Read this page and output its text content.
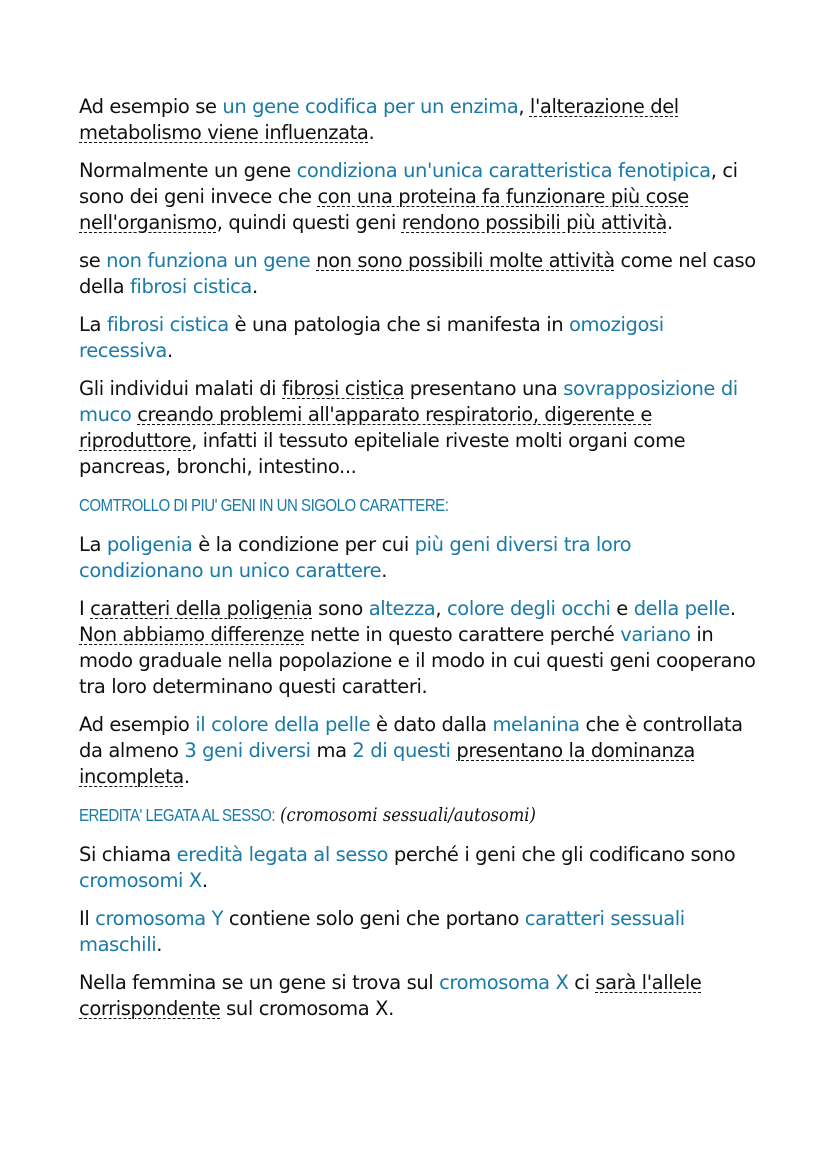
Ad esempio se un gene codifica per un enzima, l'alterazione del metabolismo viene influenzata.

Normalmente un gene condiziona un'unica caratteristica fenotipica, ci sono dei geni invece che con una proteina fa funzionare più cose nell'organismo, quindi questi geni rendono possibili più attività.

se non funziona un gene non sono possibili molte attività come nel caso della fibrosi cistica.

La fibrosi cistica è una patologia che si manifesta in omozigosi recessiva.

Gli individui malati di fibrosi cistica presentano una sovrapposizione di muco creando problemi all'apparato respiratorio, digerente e riproduttore, infatti il tessuto epiteliale riveste molti organi come pancreas, bronchi, intestino...

COMTROLLO DI PIU' GENI IN UN SIGOLO CARATTERE:

La poligenia è la condizione per cui più geni diversi tra loro condizionano un unico carattere.

I caratteri della poligenia sono altezza, colore degli occhi e della pelle. Non abbiamo differenze nette in questo carattere perché variano in modo graduale nella popolazione e il modo in cui questi geni cooperano tra loro determinano questi caratteri.

Ad esempio il colore della pelle è dato dalla melanina che è controllata da almeno 3 geni diversi ma 2 di questi presentano la dominanza incompleta.

EREDITA' LEGATA AL SESSO: (cromosomi sessuali/autosomi)

Si chiama eredità legata al sesso perché i geni che gli codificano sono cromosomi X.

Il cromosoma Y contiene solo geni che portano caratteri sessuali maschili.

Nella femmina se un gene si trova sul cromosoma X ci sarà l'allele corrispondente sul cromosoma X.
